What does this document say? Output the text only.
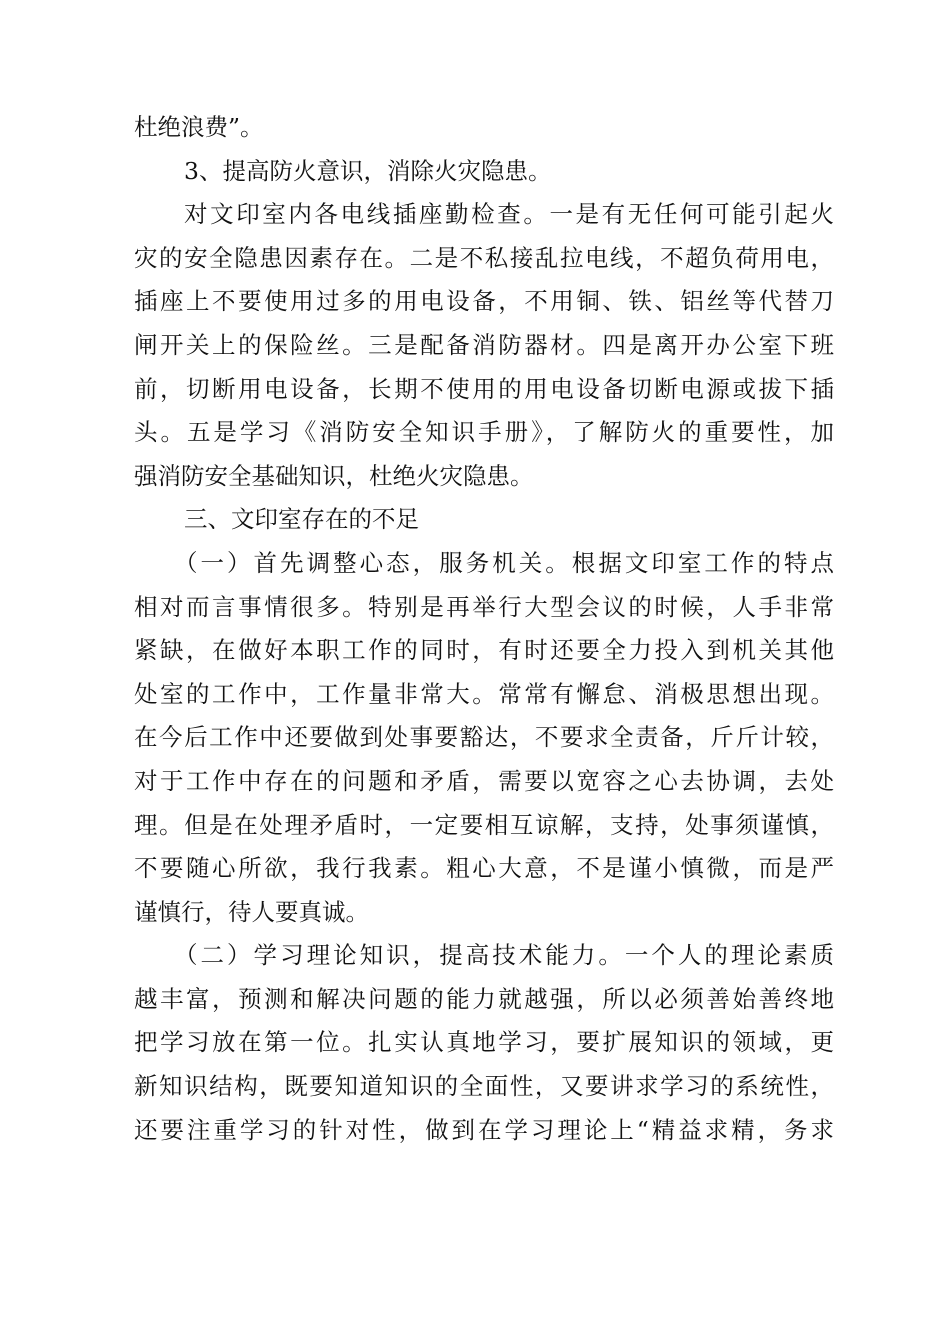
杜绝浪费”。
3、提高防火意识，消除火灾隐患。
对文印室内各电线插座勤检查。一是有无任何可能引起火
灾的安全隐患因素存在。二是不私接乱拉电线，不超负荷用电，
插座上不要使用过多的用电设备，不用铜、铁、铝丝等代替刀
闸开关上的保险丝。三是配备消防器材。四是离开办公室下班
前，切断用电设备，长期不使用的用电设备切断电源或拔下插
头。五是学习《消防安全知识手册》，了解防火的重要性，加
强消防安全基础知识，杜绝火灾隐患。
三、文印室存在的不足
（一）首先调整心态，服务机关。根据文印室工作的特点
相对而言事情很多。特别是再举行大型会议的时候，人手非常
紧缺，在做好本职工作的同时，有时还要全力投入到机关其他
处室的工作中，工作量非常大。常常有懈怠、消极思想出现。
在今后工作中还要做到处事要豁达，不要求全责备，斤斤计较，
对于工作中存在的问题和矛盾，需要以宽容之心去协调，去处
理。但是在处理矛盾时，一定要相互谅解，支持，处事须谨慎，
不要随心所欲，我行我素。粗心大意，不是谨小慎微，而是严
谨慎行，待人要真诚。
（二）学习理论知识，提高技术能力。一个人的理论素质
越丰富，预测和解决问题的能力就越强，所以必须善始善终地
把学习放在第一位。扎实认真地学习，要扩展知识的领域，更
新知识结构，既要知道知识的全面性，又要讲求学习的系统性，
还要注重学习的针对性，做到在学习理论上“精益求精，务求
